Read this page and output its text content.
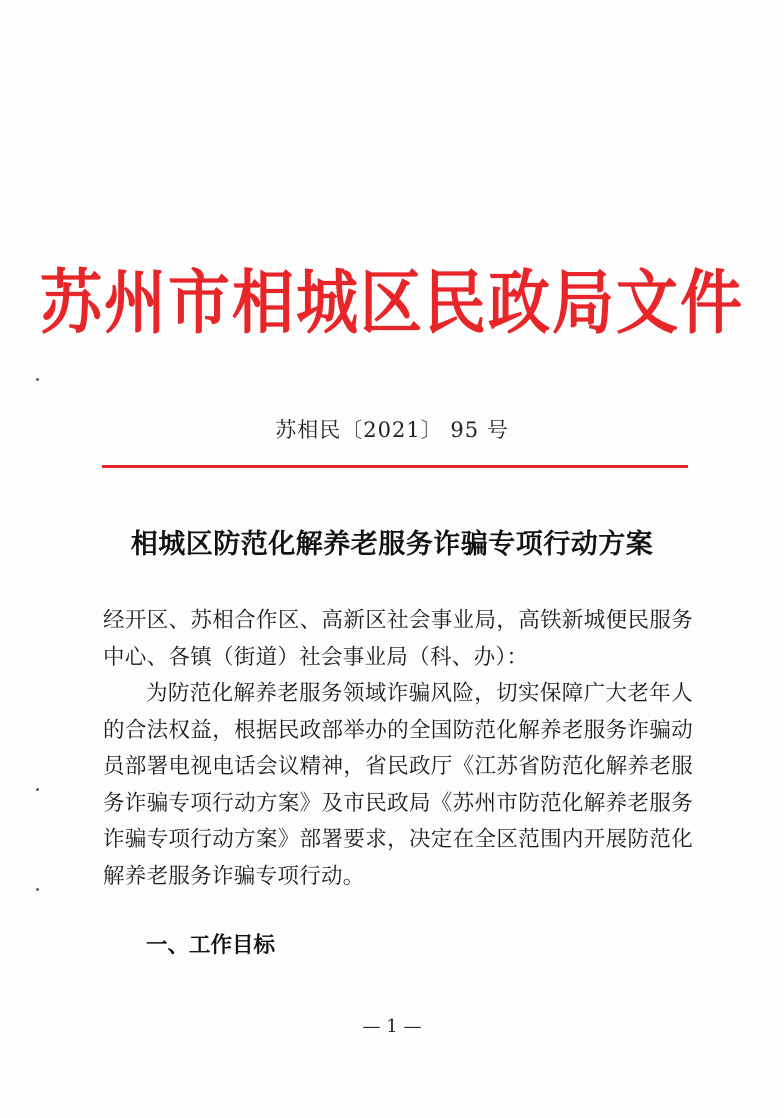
苏州市相城区民政局文件
苏相民〔2021〕 95 号
相城区防范化解养老服务诈骗专项行动方案
经开区、苏相合作区、高新区社会事业局，高铁新城便民服务中心、各镇（街道）社会事业局（科、办）：
为防范化解养老服务领域诈骗风险，切实保障广大老年人的合法权益，根据民政部举办的全国防范化解养老服务诈骗动员部署电视电话会议精神，省民政厅《江苏省防范化解养老服务诈骗专项行动方案》及市民政局《苏州市防范化解养老服务诈骗专项行动方案》部署要求，决定在全区范围内开展防范化解养老服务诈骗专项行动。
一、工作目标
— 1 —
